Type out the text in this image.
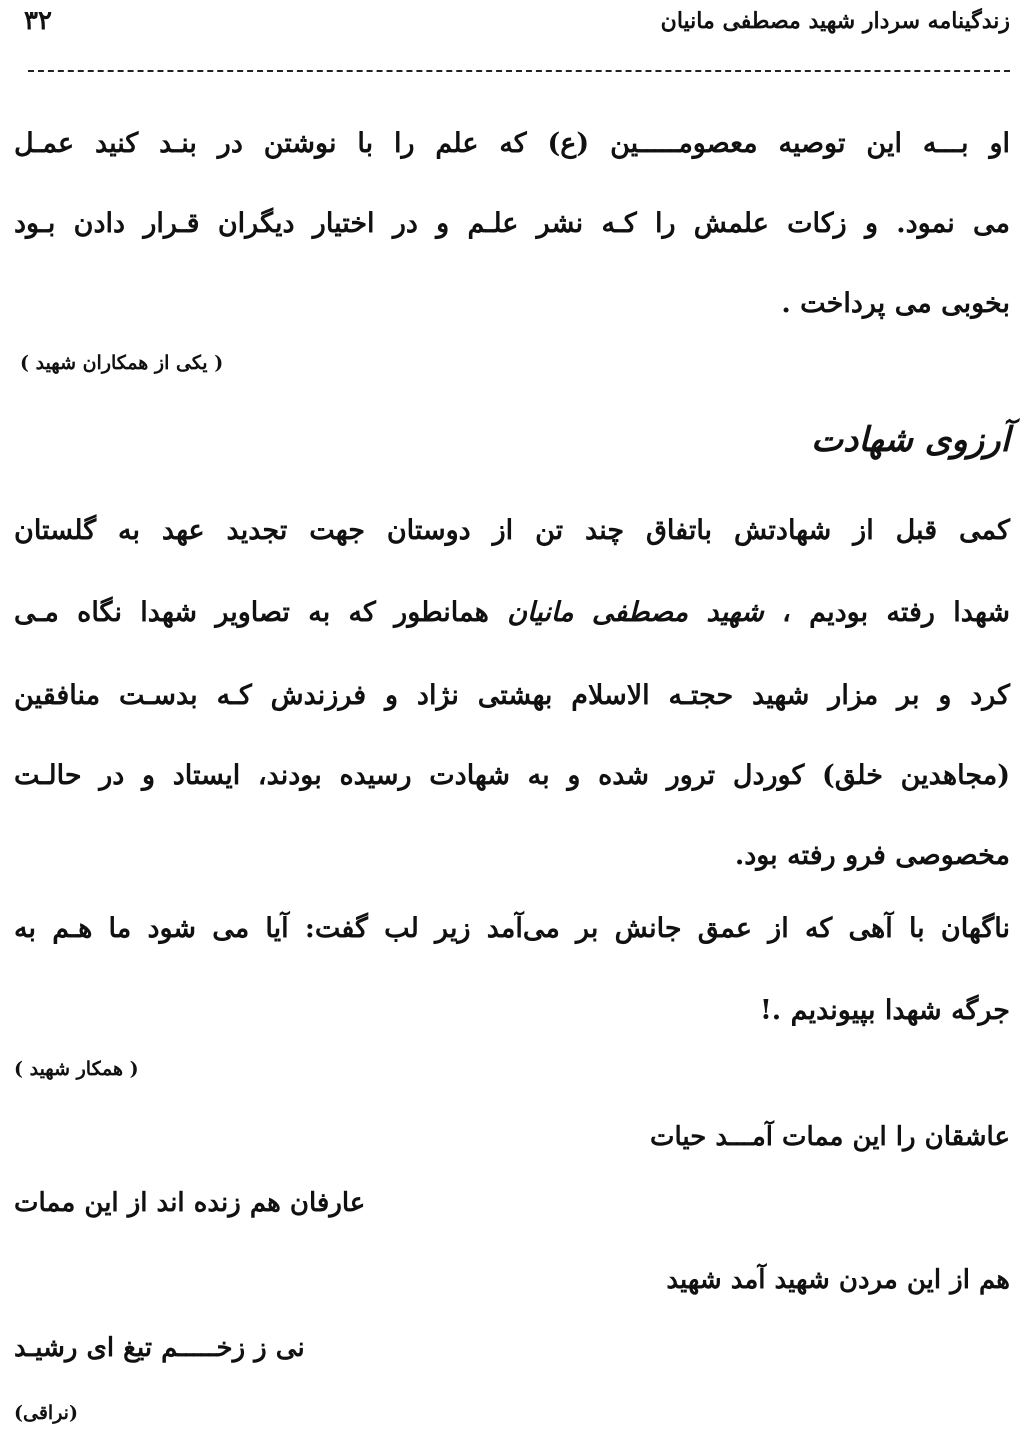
۳۲	زندگینامه سردار شهید مصطفی مانیان
او بـــه این توصیه معصومـــــین (ع) که علم را با نوشتن در بنـد کنید عمـل
می نمود. و زکات علمش را کـه نشر علـم و در اختیار دیگران قـرار دادن بـود
بخوبی می پرداخت .
( یکی از همکاران شهید )
آرزوی شهادت
کمی قبل از شهادتش باتفاق چند تن از دوستان جهت تجدید عهد به گلستان
شهدا رفته بودیم ، شهید مصطفی مانیان همانطور که به تصاویر شهدا نگاه مـی
کرد و بر مزار شهید حجتـه الاسلام بهشتی نژاد و فرزندش کـه بدسـت منافقین
(مجاهدین خلق) کوردل ترور شده و به شهادت رسیده بودند، ایستاد و در حالـت
مخصوصی فرو رفته بود.
ناگهان با آهی که از عمق جانش بر می‌آمد زیر لب گفت: آیا می شود ما هـم به
جرگه شهدا بپیوندیم .!
( همکار شهید )
عاشقان را این ممات آمـــد حیات
عارفان هم زنده اند از این ممات
هم از این مردن شهید آمد شهید
نی ز زخـــــم تیغ ای رشیـد
(نراقی)
